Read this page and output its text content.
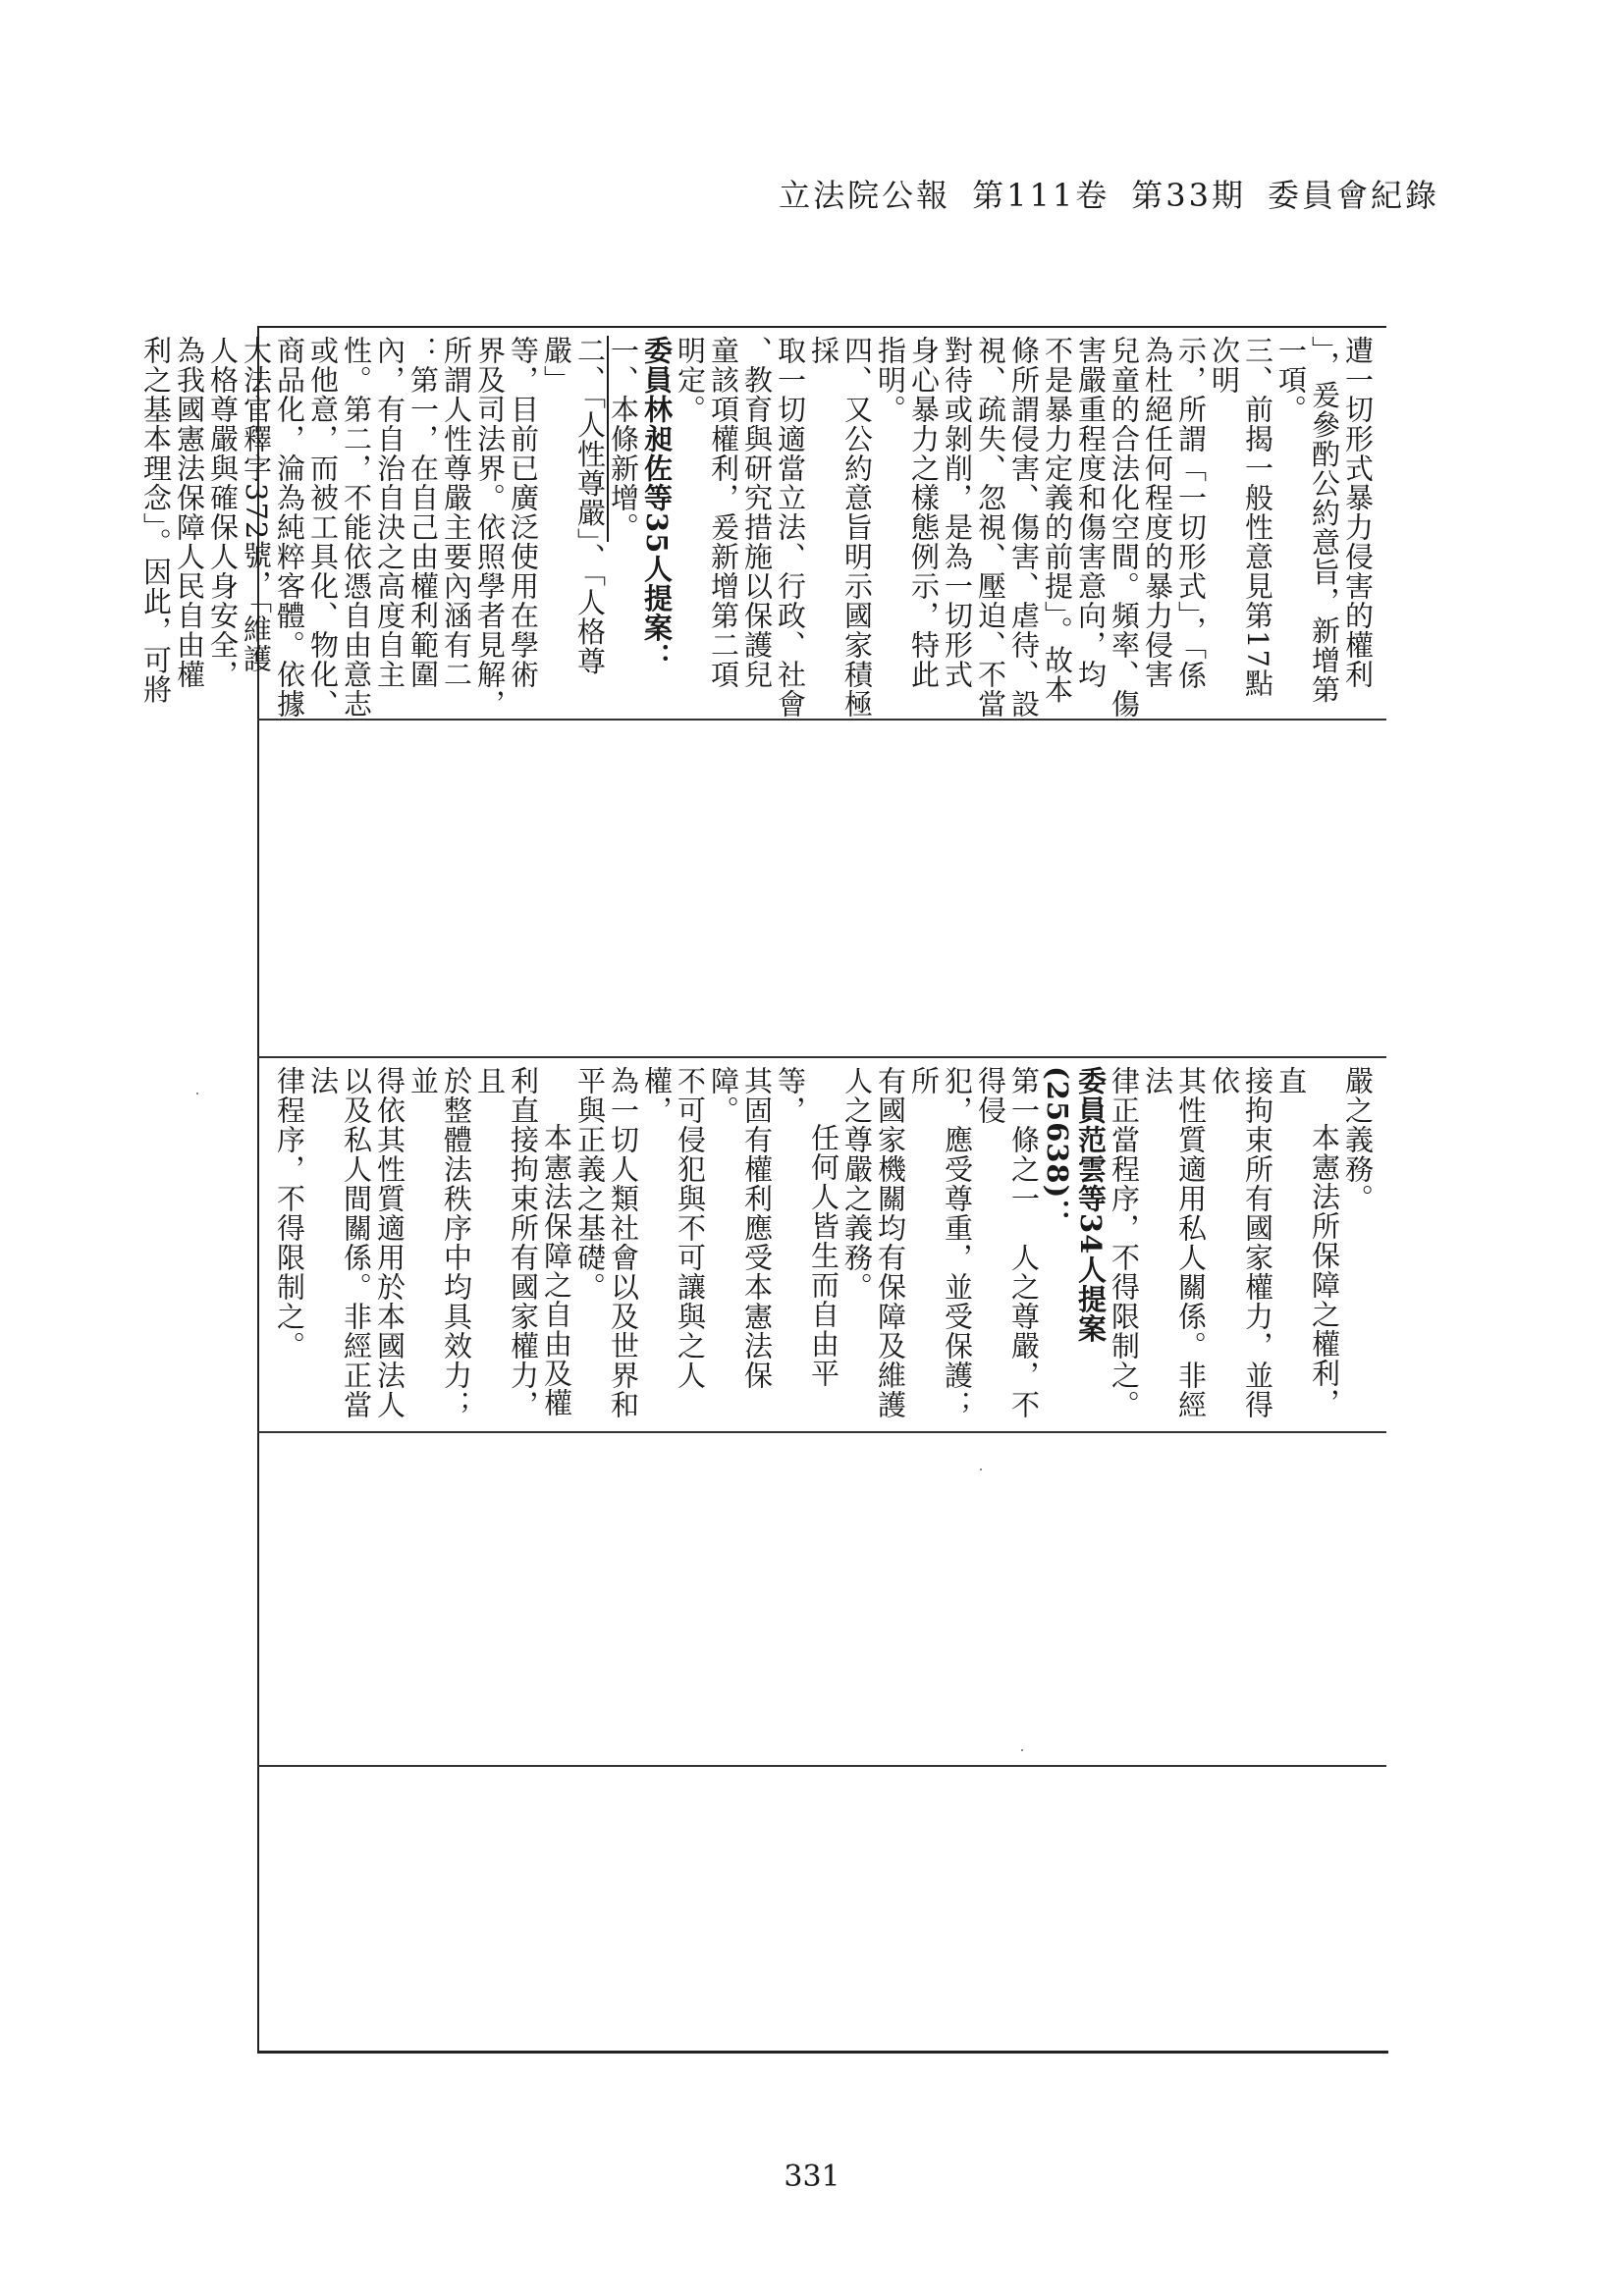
立法院公報 第111卷 第33期 委員會紀錄

遭一切形式暴力侵害的權利

」，爰參酌公約意旨，新增第

一項。

三、前揭一般性意見第17點次明

示，所謂「一切形式」，「係

為杜絕任何程度的暴力侵害

兒童的合法化空間。頻率、傷

害嚴重程度和傷害意向，均

不是暴力定義的前提」。故本

條所謂侵害、傷害、虐待、設

視、疏失、忽視、壓迫、不當

對待或剝削，是為一切形式

身心暴力之樣態例示，特此

指明。

四、又公約意旨明示國家積極採

取一切適當立法、行政、社會

、教育與研究措施以保護兒

童該項權利，爰新增第二項

明定。

委員林昶佐等35人提案：

一、本條新增。

二、「人性尊嚴」、「人格尊嚴」

等，目前已廣泛使用在學術

界及司法界。依照學者見解，

所謂人性尊嚴主要內涵有二

：第一，在自己由權利範圍

內，有自治自決之高度自主

性。第二，不能依憑自由意志

或他意，而被工具化、物化、

商品化，淪為純粹客體。依據

大法官釋字372號，「維護

人格尊嚴與確保人身安全，

為我國憲法保障人民自由權

利之基本理念」。因此，可將

嚴之義務。

本憲法所保障之權利，直

接拘束所有國家權力，並得依

其性質適用私人關係。非經法

律正當程序，不得限制之。

委員范雲等34人提案(25638)：

第一條之一　人之尊嚴，不得侵

犯，應受尊重，並受保護；所

有國家機關均有保障及維護

人之尊嚴之義務。

任何人皆生而自由平等，

其固有權利應受本憲法保障。

不可侵犯與不可讓與之人權，

為一切人類社會以及世界和

平與正義之基礎。

本憲法保障之自由及權

利直接拘束所有國家權力，且

於整體法秩序中均具效力；並

得依其性質適用於本國法人

以及私人間關係。非經正當法

律程序，不得限制之。

331
